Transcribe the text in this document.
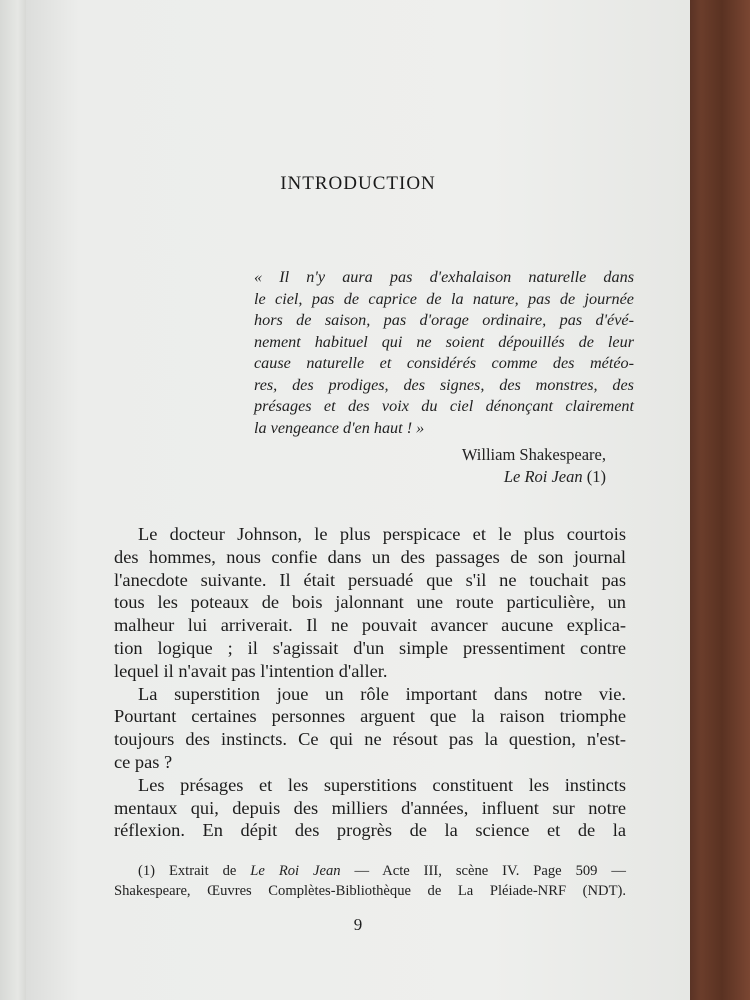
INTRODUCTION
« Il n'y aura pas d'exhalaison naturelle dans
le ciel, pas de caprice de la nature, pas de journée
hors de saison, pas d'orage ordinaire, pas d'évé-
nement habituel qui ne soient dépouillés de leur
cause naturelle et considérés comme des météo-
res, des prodiges, des signes, des monstres, des
présages et des voix du ciel dénonçant clairement
la vengeance d'en haut ! »
William Shakespeare,
Le Roi Jean (1)
Le docteur Johnson, le plus perspicace et le plus courtois
des hommes, nous confie dans un des passages de son journal
l'anecdote suivante. Il était persuadé que s'il ne touchait pas
tous les poteaux de bois jalonnant une route particulière, un
malheur lui arriverait. Il ne pouvait avancer aucune explica-
tion logique ; il s'agissait d'un simple pressentiment contre
lequel il n'avait pas l'intention d'aller.
La superstition joue un rôle important dans notre vie.
Pourtant certaines personnes arguent que la raison triomphe
toujours des instincts. Ce qui ne résout pas la question, n'est-
ce pas ?
Les présages et les superstitions constituent les instincts
mentaux qui, depuis des milliers d'années, influent sur notre
réflexion. En dépit des progrès de la science et de la
(1) Extrait de Le Roi Jean — Acte III, scène IV. Page 509 —
Shakespeare, Œuvres Complètes-Bibliothèque de La Pléiade-NRF (NDT).
9
